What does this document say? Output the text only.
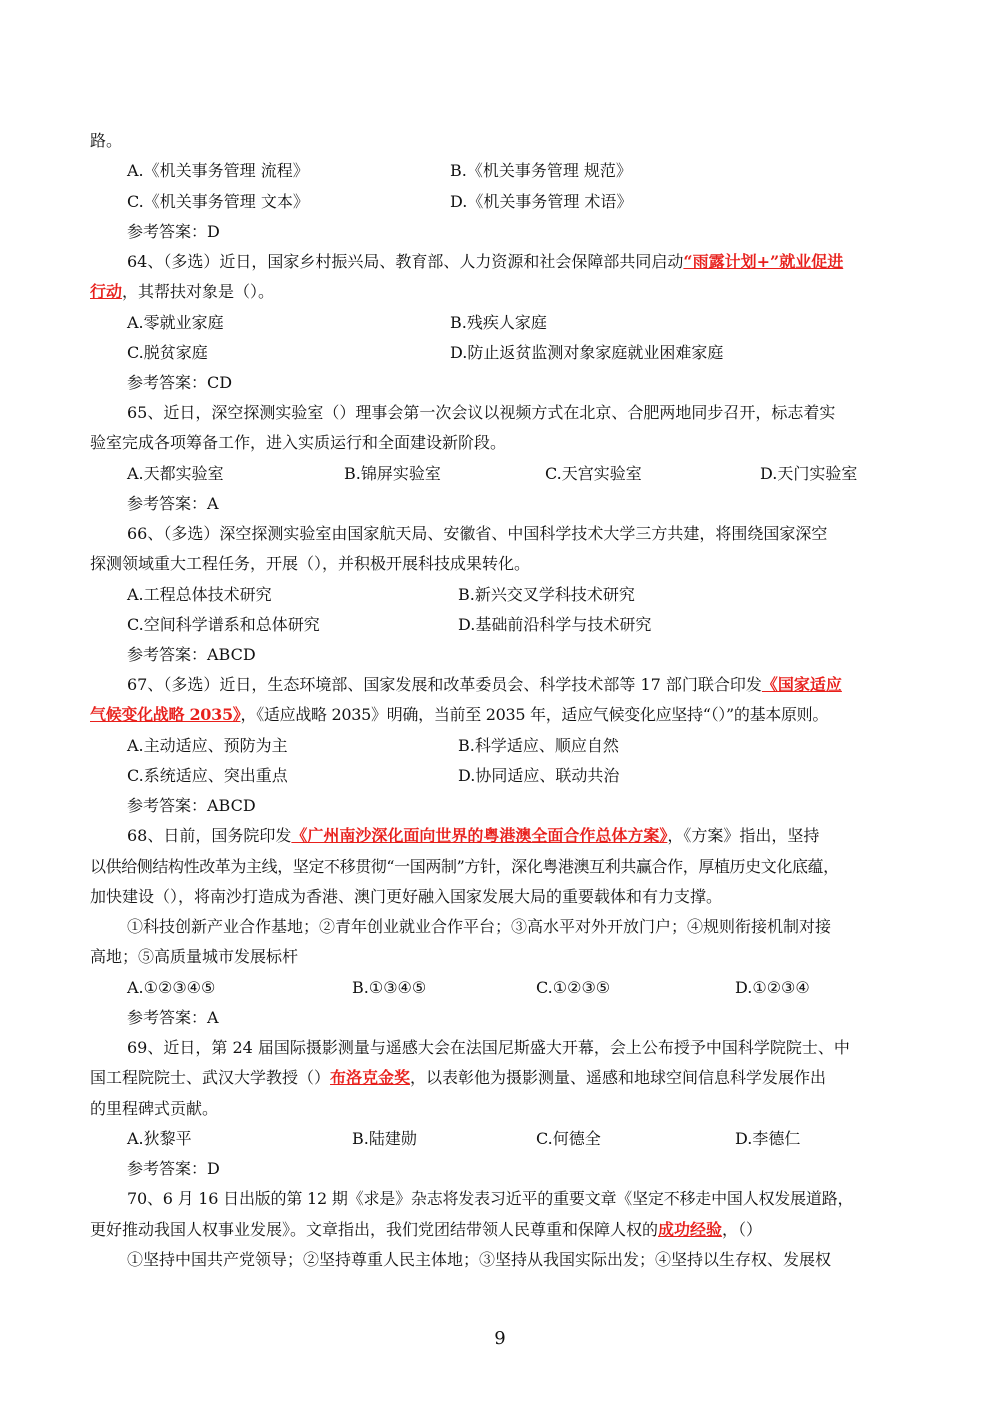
路。
A.《机关事务管理 流程》	B.《机关事务管理 规范》
C.《机关事务管理 文本》	D.《机关事务管理 术语》
参考答案：D
64、（多选）近日，国家乡村振兴局、教育部、人力资源和社会保障部共同启动“雨露计划+”就业促进
行动，其帮扶对象是（）。
A.零就业家庭	B.残疾人家庭
C.脱贫家庭	D.防止返贫监测对象家庭就业困难家庭
参考答案：CD
65、近日，深空探测实验室（）理事会第一次会议以视频方式在北京、合肥两地同步召开，标志着实
验室完成各项筹备工作，进入实质运行和全面建设新阶段。
A.天都实验室	B.锦屏实验室	C.天宫实验室	D.天门实验室
参考答案：A
66、（多选）深空探测实验室由国家航天局、安徽省、中国科学技术大学三方共建，将围绕国家深空
探测领域重大工程任务，开展（），并积极开展科技成果转化。
A.工程总体技术研究	B.新兴交叉学科技术研究
C.空间科学谱系和总体研究	D.基础前沿科学与技术研究
参考答案：ABCD
67、（多选）近日，生态环境部、国家发展和改革委员会、科学技术部等 17 部门联合印发《国家适应
气候变化战略 2035》，《适应战略 2035》明确，当前至 2035 年，适应气候变化应坚持“（）”的基本原则。
A.主动适应、预防为主	B.科学适应、顺应自然
C.系统适应、突出重点	D.协同适应、联动共治
参考答案：ABCD
68、日前，国务院印发《广州南沙深化面向世界的粤港澳全面合作总体方案》，《方案》指出，坚持
以供给侧结构性改革为主线，坚定不移贯彻“一国两制”方针，深化粤港澳互利共赢合作，厚植历史文化底蕴，
加快建设（），将南沙打造成为香港、澳门更好融入国家发展大局的重要载体和有力支撑。
①科技创新产业合作基地；②青年创业就业合作平台；③高水平对外开放门户；④规则衔接机制对接
高地；⑤高质量城市发展标杆
A.①②③④⑤	B.①③④⑤	C.①②③⑤	D.①②③④
参考答案：A
69、近日，第 24 届国际摄影测量与遥感大会在法国尼斯盛大开幕，会上公布授予中国科学院院士、中
国工程院院士、武汉大学教授（）布洛克金奖，以表彰他为摄影测量、遥感和地球空间信息科学发展作出
的里程碑式贡献。
A.狄黎平	B.陆建勋	C.何德全	D.李德仁
参考答案：D
70、6 月 16 日出版的第 12 期《求是》杂志将发表习近平的重要文章《坚定不移走中国人权发展道路，
更好推动我国人权事业发展》。文章指出，我们党团结带领人民尊重和保障人权的成功经验，（）
①坚持中国共产党领导；②坚持尊重人民主体地；③坚持从我国实际出发；④坚持以生存权、发展权
9
